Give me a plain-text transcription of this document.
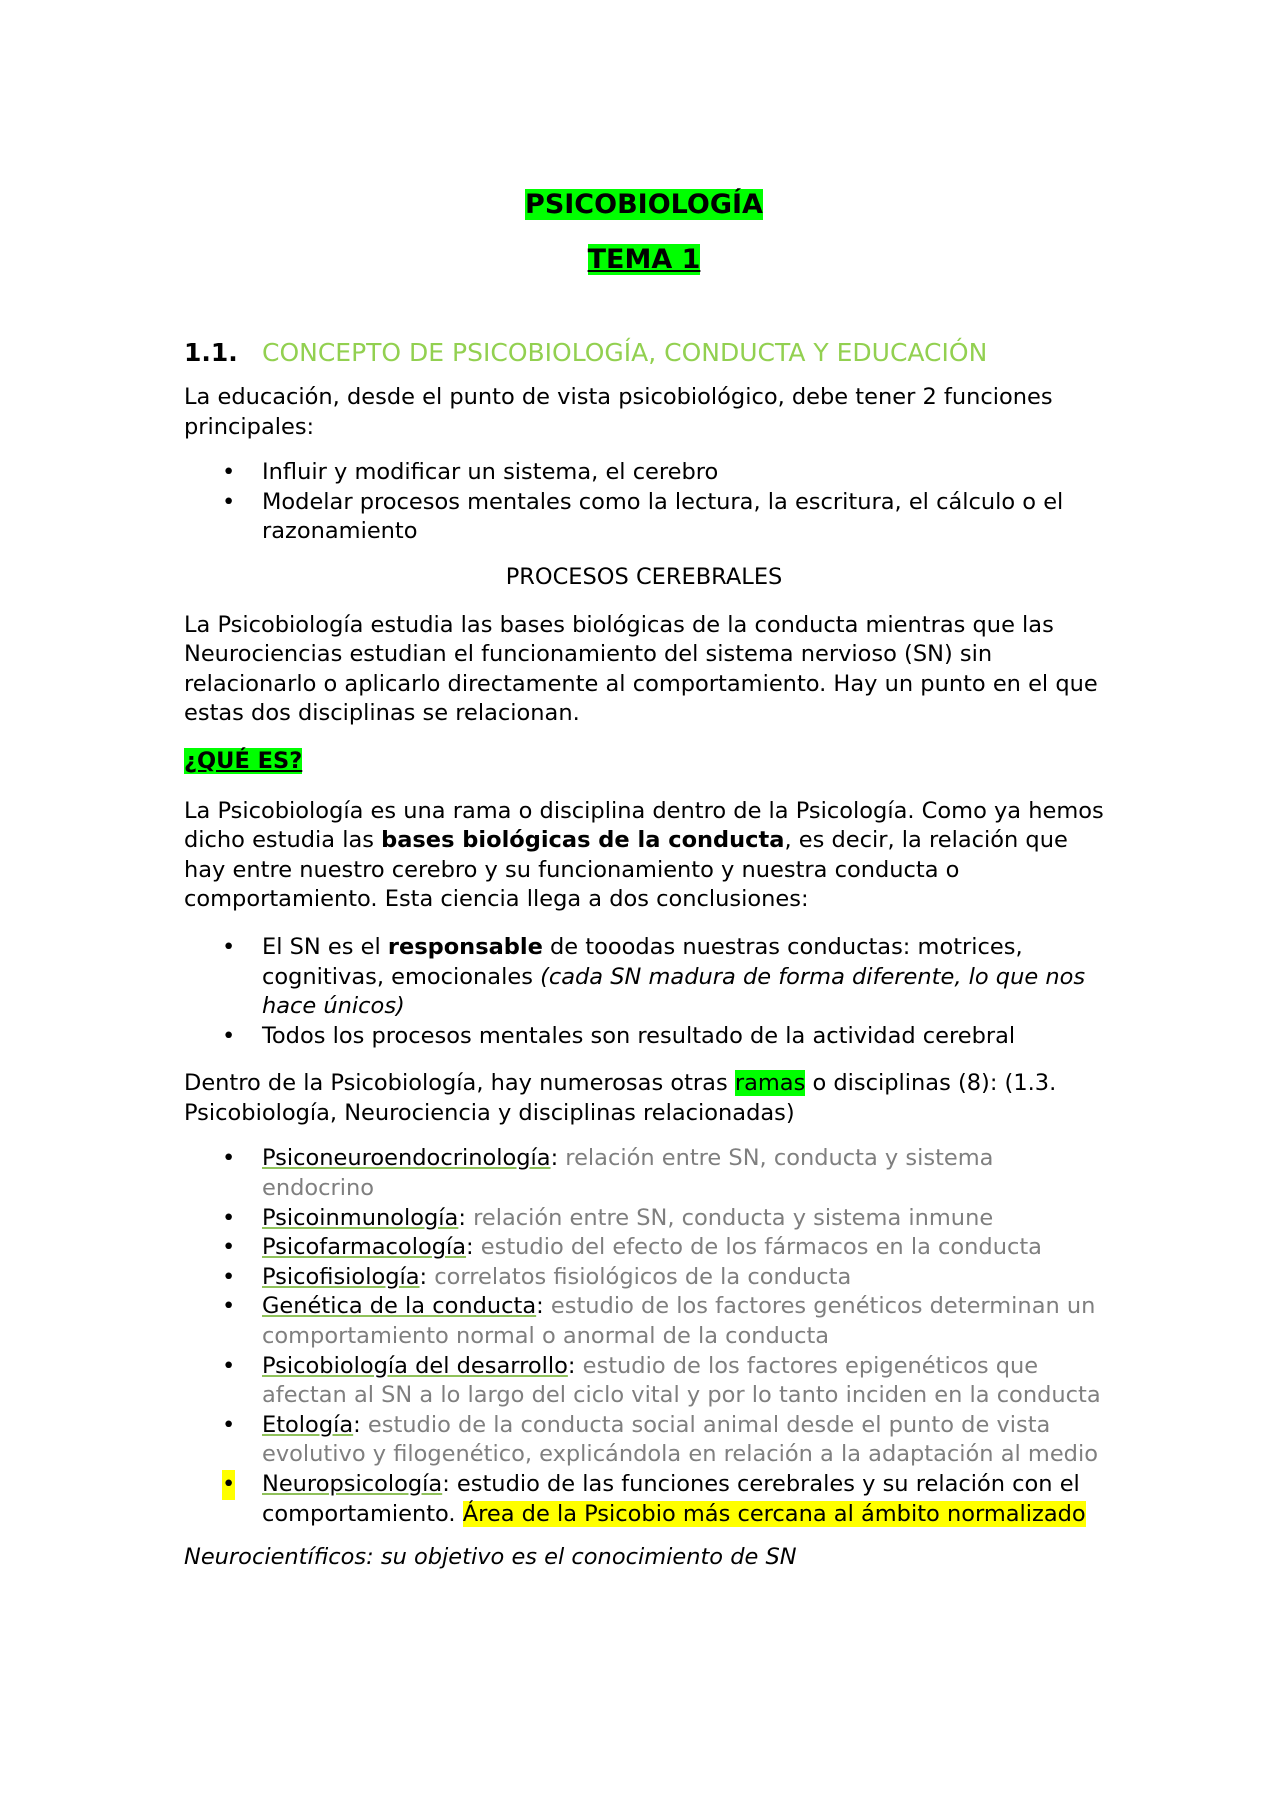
PSICOBIOLOGÍA
TEMA 1
1.1. CONCEPTO DE PSICOBIOLOGÍA, CONDUCTA Y EDUCACIÓN

La educación, desde el punto de vista psicobiológico, debe tener 2 funciones principales:

• Influir y modificar un sistema, el cerebro
• Modelar procesos mentales como la lectura, la escritura, el cálculo o el razonamiento

PROCESOS CEREBRALES

La Psicobiología estudia las bases biológicas de la conducta mientras que las Neurociencias estudian el funcionamiento del sistema nervioso (SN) sin relacionarlo o aplicarlo directamente al comportamiento. Hay un punto en el que estas dos disciplinas se relacionan.

¿QUÉ ES?

La Psicobiología es una rama o disciplina dentro de la Psicología. Como ya hemos dicho estudia las bases biológicas de la conducta, es decir, la relación que hay entre nuestro cerebro y su funcionamiento y nuestra conducta o comportamiento. Esta ciencia llega a dos conclusiones:

• El SN es el responsable de tooodas nuestras conductas: motrices, cognitivas, emocionales (cada SN madura de forma diferente, lo que nos hace únicos)
• Todos los procesos mentales son resultado de la actividad cerebral

Dentro de la Psicobiología, hay numerosas otras ramas o disciplinas (8): (1.3. Psicobiología, Neurociencia y disciplinas relacionadas)

• Psiconeuroendocrinología: relación entre SN, conducta y sistema endocrino
• Psicoinmunología: relación entre SN, conducta y sistema inmune
• Psicofarmacología: estudio del efecto de los fármacos en la conducta
• Psicofisiología: correlatos fisiológicos de la conducta
• Genética de la conducta: estudio de los factores genéticos determinan un comportamiento normal o anormal de la conducta
• Psicobiología del desarrollo: estudio de los factores epigenéticos que afectan al SN a lo largo del ciclo vital y por lo tanto inciden en la conducta
• Etología: estudio de la conducta social animal desde el punto de vista evolutivo y filogenético, explicándola en relación a la adaptación al medio
• Neuropsicología: estudio de las funciones cerebrales y su relación con el comportamiento. Área de la Psicobio más cercana al ámbito normalizado

Neurocientíficos: su objetivo es el conocimiento de SN
